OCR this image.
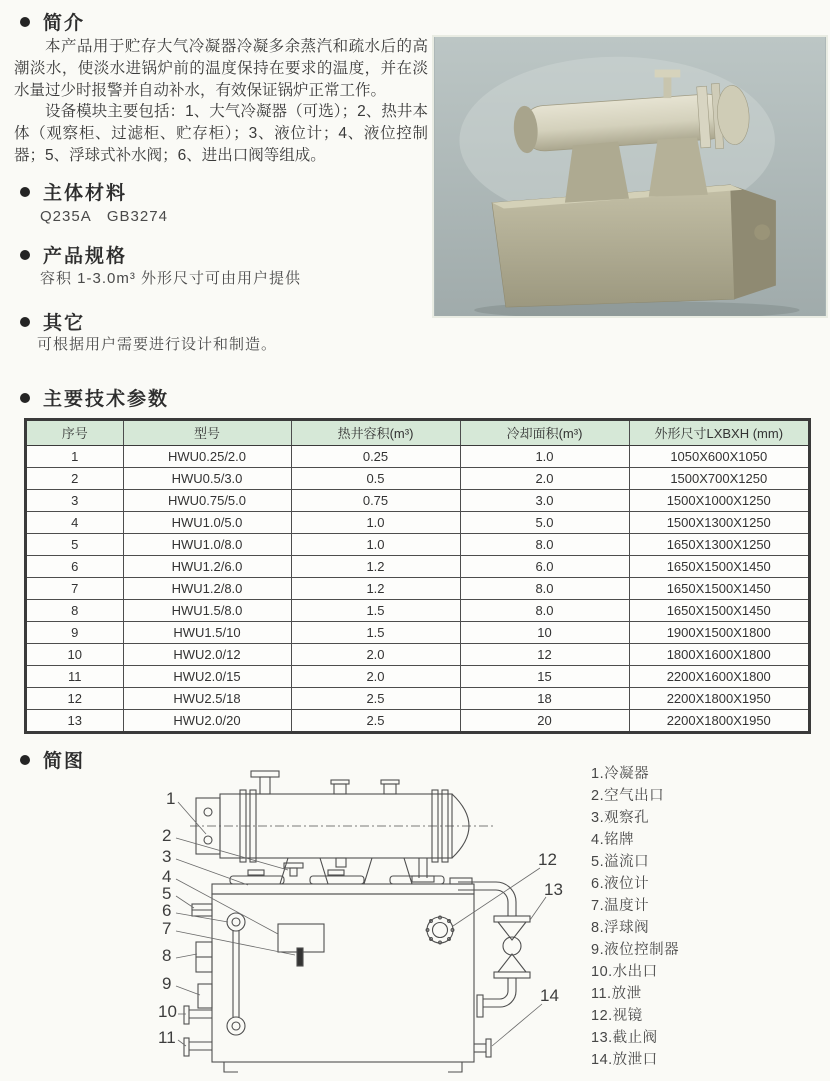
简介

本产品用于贮存大气冷凝器冷凝多余蒸汽和疏水后的高潮淡水，使淡水进锅炉前的温度保持在要求的温度，并在淡水量过少时报警并自动补水，有效保证锅炉正常工作。

设备模块主要包括：1、大气冷凝器（可选）；2、热井本体（观察柜、过滤柜、贮存柜）；3、液位计；4、液位控制器；5、浮球式补水阀；6、进出口阀等组成。

主体材料
Q235A　GB3274
产品规格
容积 1-3.0m³ 外形尺寸可由用户提供
其它
可根据用户需要进行设计和制造。
主要技术参数
序号	型号	热井容积(m³)	冷却面积(m³)	外形尺寸LXBXH (mm)
1	HWU0.25/2.0	0.25	1.0	1050X600X1050
2	HWU0.5/3.0	0.5	2.0	1500X700X1250
3	HWU0.75/5.0	0.75	3.0	1500X1000X1250
4	HWU1.0/5.0	1.0	5.0	1500X1300X1250
5	HWU1.0/8.0	1.0	8.0	1650X1300X1250
6	HWU1.2/6.0	1.2	6.0	1650X1500X1450
7	HWU1.2/8.0	1.2	8.0	1650X1500X1450
8	HWU1.5/8.0	1.5	8.0	1650X1500X1450
9	HWU1.5/10	1.5	10	1900X1500X1800
10	HWU2.0/12	2.0	12	1800X1600X1800
11	HWU2.0/15	2.0	15	2200X1600X1800
12	HWU2.5/18	2.5	18	2200X1800X1950
13	HWU2.0/20	2.5	20	2200X1800X1950
简图
1
2
3
4
5
6
7
8
9
10
11
12
13
14
1.冷凝器
2.空气出口
3.观察孔
4.铭牌
5.溢流口
6.液位计
7.温度计
8.浮球阀
9.液位控制器
10.水出口
11.放泄
12.视镜
13.截止阀
14.放泄口
